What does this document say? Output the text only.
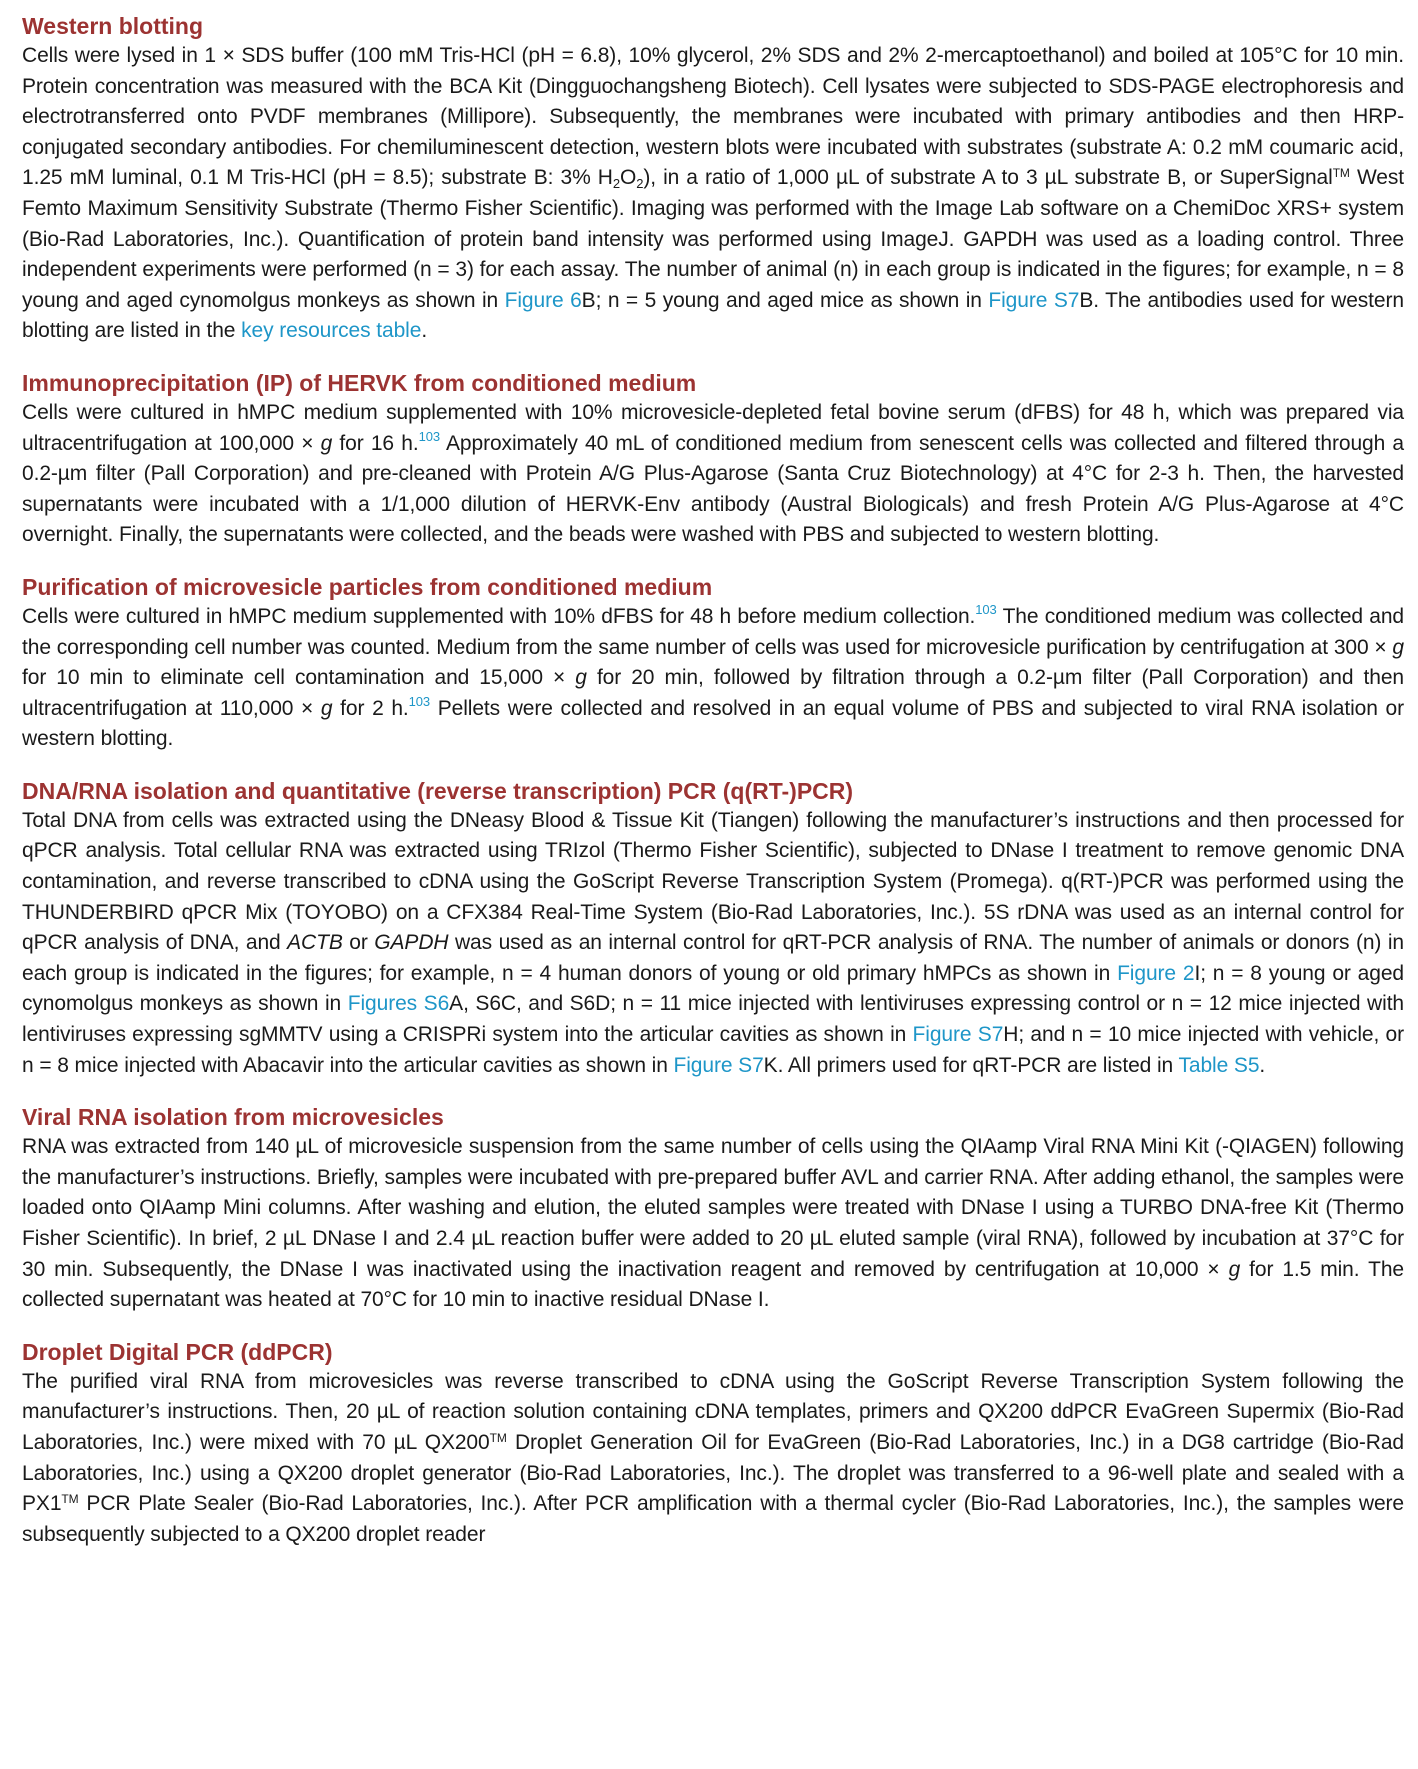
Western blotting

Cells were lysed in 1 × SDS buffer (100 mM Tris-HCl (pH = 6.8), 10% glycerol, 2% SDS and 2% 2-mercaptoethanol) and boiled at 105°C for 10 min. Protein concentration was measured with the BCA Kit (Dingguochangsheng Biotech). Cell lysates were subjected to SDS-PAGE electrophoresis and electrotransferred onto PVDF membranes (Millipore). Subsequently, the membranes were incubated with primary antibodies and then HRP-conjugated secondary antibodies. For chemiluminescent detection, western blots were incubated with substrates (substrate A: 0.2 mM coumaric acid, 1.25 mM luminal, 0.1 M Tris-HCl (pH = 8.5); substrate B: 3% $H_2O_2$), in a ratio of 1,000 µL of substrate A to 3 µL substrate B, or SuperSignal™ West Femto Maximum Sensitivity Substrate (Thermo Fisher Scientific). Imaging was performed with the Image Lab software on a ChemiDoc XRS+ system (Bio-Rad Laboratories, Inc.). Quantification of protein band intensity was performed using ImageJ. GAPDH was used as a loading control. Three independent experiments were performed (n = 3) for each assay. The number of animal (n) in each group is indicated in the figures; for example, n = 8 young and aged cynomolgus monkeys as shown in Figure 6B; n = 5 young and aged mice as shown in Figure S7B. The antibodies used for western blotting are listed in the key resources table.

Immunoprecipitation (IP) of HERVK from conditioned medium

Cells were cultured in hMPC medium supplemented with 10% microvesicle-depleted fetal bovine serum (dFBS) for 48 h, which was prepared via ultracentrifugation at 100,000 × g for 16 h.$^{103}$ Approximately 40 mL of conditioned medium from senescent cells was collected and filtered through a 0.2-µm filter (Pall Corporation) and pre-cleaned with Protein A/G Plus-Agarose (Santa Cruz Biotechnology) at 4°C for 2-3 h. Then, the harvested supernatants were incubated with a 1/1,000 dilution of HERVK-Env antibody (Austral Biologicals) and fresh Protein A/G Plus-Agarose at 4°C overnight. Finally, the supernatants were collected, and the beads were washed with PBS and subjected to western blotting.

Purification of microvesicle particles from conditioned medium

Cells were cultured in hMPC medium supplemented with 10% dFBS for 48 h before medium collection.$^{103}$ The conditioned medium was collected and the corresponding cell number was counted. Medium from the same number of cells was used for microvesicle purification by centrifugation at 300 × g for 10 min to eliminate cell contamination and 15,000 × g for 20 min, followed by filtration through a 0.2-µm filter (Pall Corporation) and then ultracentrifugation at 110,000 × g for 2 h.$^{103}$ Pellets were collected and resolved in an equal volume of PBS and subjected to viral RNA isolation or western blotting.

DNA/RNA isolation and quantitative (reverse transcription) PCR (q(RT-)PCR)

Total DNA from cells was extracted using the DNeasy Blood & Tissue Kit (Tiangen) following the manufacturer’s instructions and then processed for qPCR analysis. Total cellular RNA was extracted using TRIzol (Thermo Fisher Scientific), subjected to DNase I treatment to remove genomic DNA contamination, and reverse transcribed to cDNA using the GoScript Reverse Transcription System (Promega). q(RT-)PCR was performed using the THUNDERBIRD qPCR Mix (TOYOBO) on a CFX384 Real-Time System (Bio-Rad Laboratories, Inc.). 5S rDNA was used as an internal control for qPCR analysis of DNA, and ACTB or GAPDH was used as an internal control for qRT-PCR analysis of RNA. The number of animals or donors (n) in each group is indicated in the figures; for example, n = 4 human donors of young or old primary hMPCs as shown in Figure 2I; n = 8 young or aged cynomolgus monkeys as shown in Figures S6A, S6C, and S6D; n = 11 mice injected with lentiviruses expressing control or n = 12 mice injected with lentiviruses expressing sgMMTV using a CRISPRi system into the articular cavities as shown in Figure S7H; and n = 10 mice injected with vehicle, or n = 8 mice injected with Abacavir into the articular cavities as shown in Figure S7K. All primers used for qRT-PCR are listed in Table S5.

Viral RNA isolation from microvesicles

RNA was extracted from 140 µL of microvesicle suspension from the same number of cells using the QIAamp Viral RNA Mini Kit (-QIAGEN) following the manufacturer’s instructions. Briefly, samples were incubated with pre-prepared buffer AVL and carrier RNA. After adding ethanol, the samples were loaded onto QIAamp Mini columns. After washing and elution, the eluted samples were treated with DNase I using a TURBO DNA-free Kit (Thermo Fisher Scientific). In brief, 2 µL DNase I and 2.4 µL reaction buffer were added to 20 µL eluted sample (viral RNA), followed by incubation at 37°C for 30 min. Subsequently, the DNase I was inactivated using the inactivation reagent and removed by centrifugation at 10,000 × g for 1.5 min. The collected supernatant was heated at 70°C for 10 min to inactive residual DNase I.

Droplet Digital PCR (ddPCR)

The purified viral RNA from microvesicles was reverse transcribed to cDNA using the GoScript Reverse Transcription System following the manufacturer’s instructions. Then, 20 µL of reaction solution containing cDNA templates, primers and QX200 ddPCR EvaGreen Supermix (Bio-Rad Laboratories, Inc.) were mixed with 70 µL QX200™ Droplet Generation Oil for EvaGreen (Bio-Rad Laboratories, Inc.) in a DG8 cartridge (Bio-Rad Laboratories, Inc.) using a QX200 droplet generator (Bio-Rad Laboratories, Inc.). The droplet was transferred to a 96-well plate and sealed with a PX1™ PCR Plate Sealer (Bio-Rad Laboratories, Inc.). After PCR amplification with a thermal cycler (Bio-Rad Laboratories, Inc.), the samples were subsequently subjected to a QX200 droplet reader
